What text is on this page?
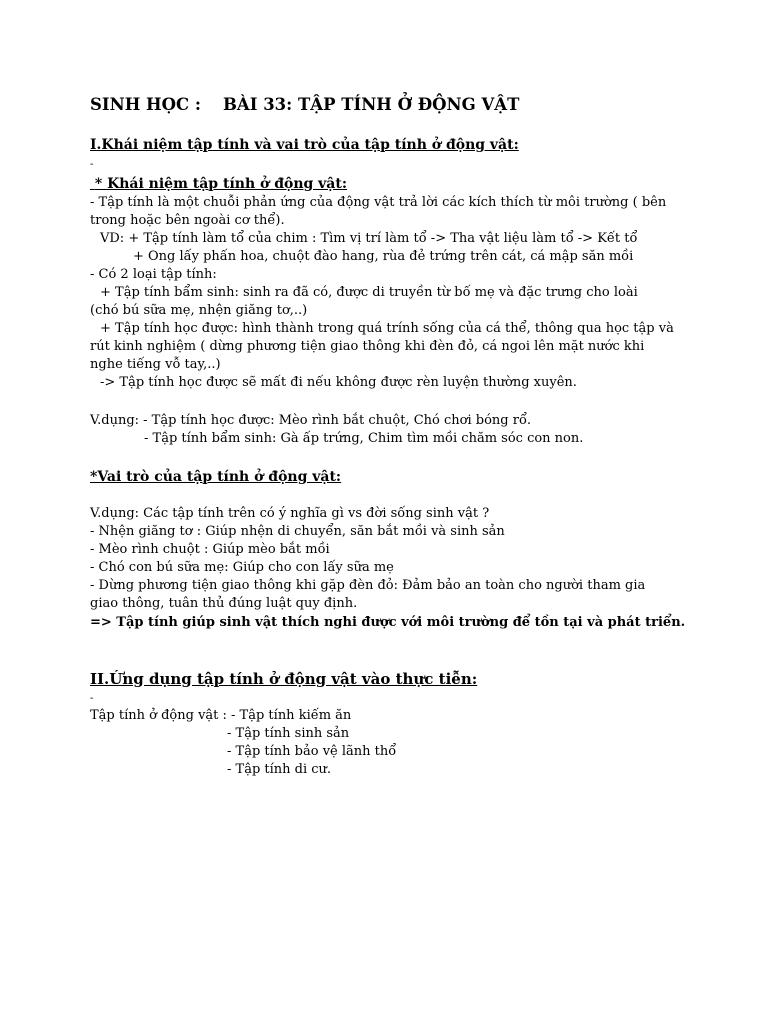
SINH HỌC : BÀI 33: TẬP TÍNH Ở ĐỘNG VẬT
I.Khái niệm tập tính và vai trò của tập tính ở động vật:
-
* Khái niệm tập tính ở động vật:

- Tập tính là một chuỗi phản ứng của động vật trả lời các kích thích từ môi trường ( bên trong hoặc bên ngoài cơ thể).

VD: + Tập tính làm tổ của chim : Tìm vị trí làm tổ -> Tha vật liệu làm tổ -> Kết tổ
+ Ong lấy phấn hoa, chuột đào hang, rùa đẻ trứng trên cát, cá mập săn mồi
- Có 2 loại tập tính:

+ Tập tính bẩm sinh: sinh ra đã có, được di truyền từ bố mẹ và đặc trưng cho loài (chó bú sữa mẹ, nhện giăng tơ,..)

+ Tập tính học được: hình thành trong quá trính sống của cá thể, thông qua học tập và rút kinh nghiệm ( dừng phương tiện giao thông khi đèn đỏ, cá ngoi lên mặt nước khi nghe tiếng vỗ tay,..)

-> Tập tính học được sẽ mất đi nếu không được rèn luyện thường xuyên.
V.dụng: - Tập tính học được: Mèo rình bắt chuột, Chó chơi bóng rổ.
- Tập tính bẩm sinh: Gà ấp trứng, Chim tìm mồi chăm sóc con non.
*Vai trò của tập tính ở động vật:
V.dụng: Các tập tính trên có ý nghĩa gì vs đời sống sinh vật ?
- Nhện giăng tơ : Giúp nhện di chuyển, săn bắt mồi và sinh sản
- Mèo rình chuột : Giúp mèo bắt mồi
- Chó con bú sữa mẹ: Giúp cho con lấy sữa mẹ

- Dừng phương tiện giao thông khi gặp đèn đỏ: Đảm bảo an toàn cho người tham gia giao thông, tuân thủ đúng luật quy định.

=> Tập tính giúp sinh vật thích nghi được với môi trường để tồn tại và phát triển.
II.Ứng dụng tập tính ở động vật vào thực tiễn:
-
Tập tính ở động vật : - Tập tính kiếm ăn
- Tập tính sinh sản
- Tập tính bảo vệ lãnh thổ
- Tập tính di cư.
